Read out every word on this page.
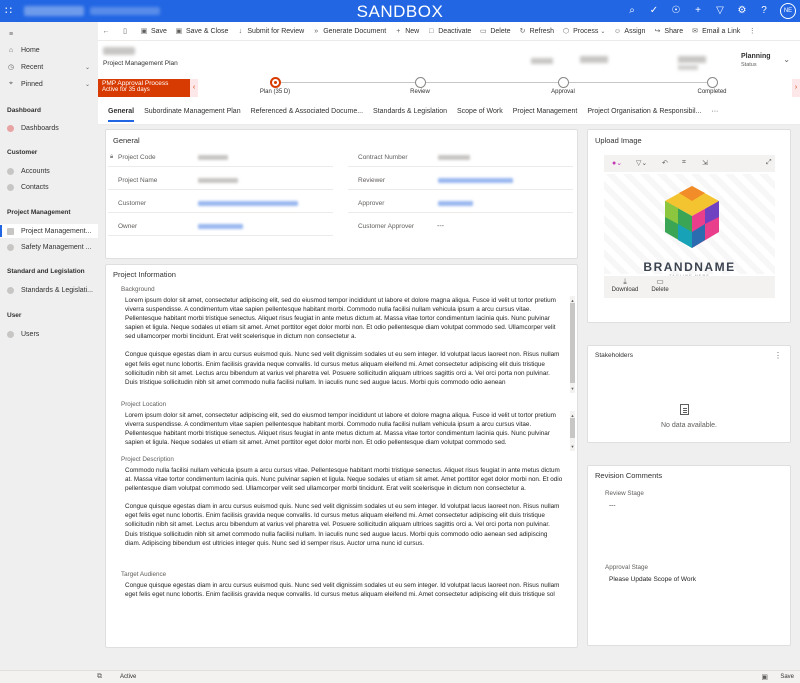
∷	SANDBOX	⌕	✓ ☉	+	▽ ⚙	?	NE
≡
⌂ Home
◷ Recent	⌄
⌖ Pinned	⌄
Dashboard
Dashboards
Customer
Accounts
Contacts
Project Management
Project Management...
Safety Management ...
Standard and Legislation
Standards & Legislati...
User
Users
← ▯ ▣ Save ▣ Save & Close	↓ Submit for Review » Generate Document + New □ Deactivate ▭ Delete ↻ Refresh ⬡ Process ⌄ ☺ Assign ↪ Share ✉ Email a Link ⋮
Project Management Plan
Planning
Status
⌄
PMP Approval Process
Active for 35 days	‹
Plan (35 D)	Review	Approval	Completed
›
General	Subordinate Management Plan	Referenced & Associated Docume...	Standards & Legislation	Scope of Work	Project Management	Project Organisation & Responsibil...	···
General
🔒︎ Project Code
Project Name
Customer
Owner
Contract Number
Reviewer
Approver
Customer Approver	---
Project Information
Background

Lorem ipsum dolor sit amet, consectetur adipiscing elit, sed do eiusmod tempor incididunt ut labore et dolore magna aliqua. Fusce id velit ut tortor pretium viverra suspendisse. A condimentum vitae sapien pellentesque habitant morbi. Commodo nulla facilisi nullam vehicula ipsum a arcu cursus vitae. Pellentesque habitant morbi tristique senectus. Aliquet risus feugiat in ante metus dictum at. Massa vitae tortor condimentum lacinia quis. Nunc pulvinar sapien et ligula. Neque sodales ut etiam sit amet. Amet porttitor eget dolor morbi non. Et odio pellentesque diam volutpat commodo sed. Ullamcorper velit sed ullamcorper morbi tincidunt. Erat velit scelerisque in dictum non consectetur a.

Congue quisque egestas diam in arcu cursus euismod quis. Nunc sed velit dignissim sodales ut eu sem integer. Id volutpat lacus laoreet non. Risus nullam eget felis eget nunc lobortis. Enim facilisis gravida neque convallis. Id cursus metus aliquam eleifend mi. Amet consectetur adipiscing elit duis tristique sollicitudin nibh sit amet. Lectus arcu bibendum at varius vel pharetra vel. Posuere sollicitudin aliquam ultrices sagittis orci a. Vel orci porta non pulvinar. Duis tristique sollicitudin nibh sit amet commodo nulla facilisi nullam. In iaculis nunc sed augue lacus. Morbi quis commodo odio aenean

▲
▼
Project Location

Lorem ipsum dolor sit amet, consectetur adipiscing elit, sed do eiusmod tempor incididunt ut labore et dolore magna aliqua. Fusce id velit ut tortor pretium viverra suspendisse. A condimentum vitae sapien pellentesque habitant morbi. Commodo nulla facilisi nullam vehicula ipsum a arcu cursus vitae. Pellentesque habitant morbi tristique senectus. Aliquet risus feugiat in ante metus dictum at. Massa vitae tortor condimentum lacinia quis. Nunc pulvinar sapien et ligula. Neque sodales ut etiam sit amet. Amet porttitor eget dolor morbi non. Et odio pellentesque diam volutpat commodo sed.

▲
▼
Project Description

Commodo nulla facilisi nullam vehicula ipsum a arcu cursus vitae. Pellentesque habitant morbi tristique senectus. Aliquet risus feugiat in ante metus dictum at. Massa vitae tortor condimentum lacinia quis. Nunc pulvinar sapien et ligula. Neque sodales ut etiam sit amet. Amet porttitor eget dolor morbi non. Et odio pellentesque diam volutpat commodo sed. Ullamcorper velit sed ullamcorper morbi tincidunt. Erat velit scelerisque in dictum non consectetur a.

Congue quisque egestas diam in arcu cursus euismod quis. Nunc sed velit dignissim sodales ut eu sem integer. Id volutpat lacus laoreet non. Risus nullam eget felis eget nunc lobortis. Enim facilisis gravida neque convallis. Id cursus metus aliquam eleifend mi. Amet consectetur adipiscing elit duis tristique sollicitudin nibh sit amet. Lectus arcu bibendum at varius vel pharetra vel. Posuere sollicitudin aliquam ultrices sagittis orci a. Vel orci porta non pulvinar. Duis tristique sollicitudin nibh sit amet commodo nulla facilisi nullam. In iaculis nunc sed augue lacus. Morbi quis commodo odio aenean sed adipiscing diam. Adipiscing bibendum est ultricies integer quis. Nunc sed id semper risus. Auctor urna nunc id cursus.

Target Audience

Congue quisque egestas diam in arcu cursus euismod quis. Nunc sed velit dignissim sodales ut eu sem integer. Id volutpat lacus laoreet non. Risus nullam eget felis eget nunc lobortis. Enim facilisis gravida neque convallis. Id cursus metus aliquam eleifend mi. Amet consectetur adipiscing elit duis tristique sol

Upload Image
●⌄ ▽⌄ ↶ ⌗ ⇲	⤢
BRANDNAME
⤓
Download
▭
Delete
Stakeholders	⋮
No data available.
Revision Comments
Review Stage
---
Approval Stage
Please Update Scope of Work
⧉	Active	▣ Save
